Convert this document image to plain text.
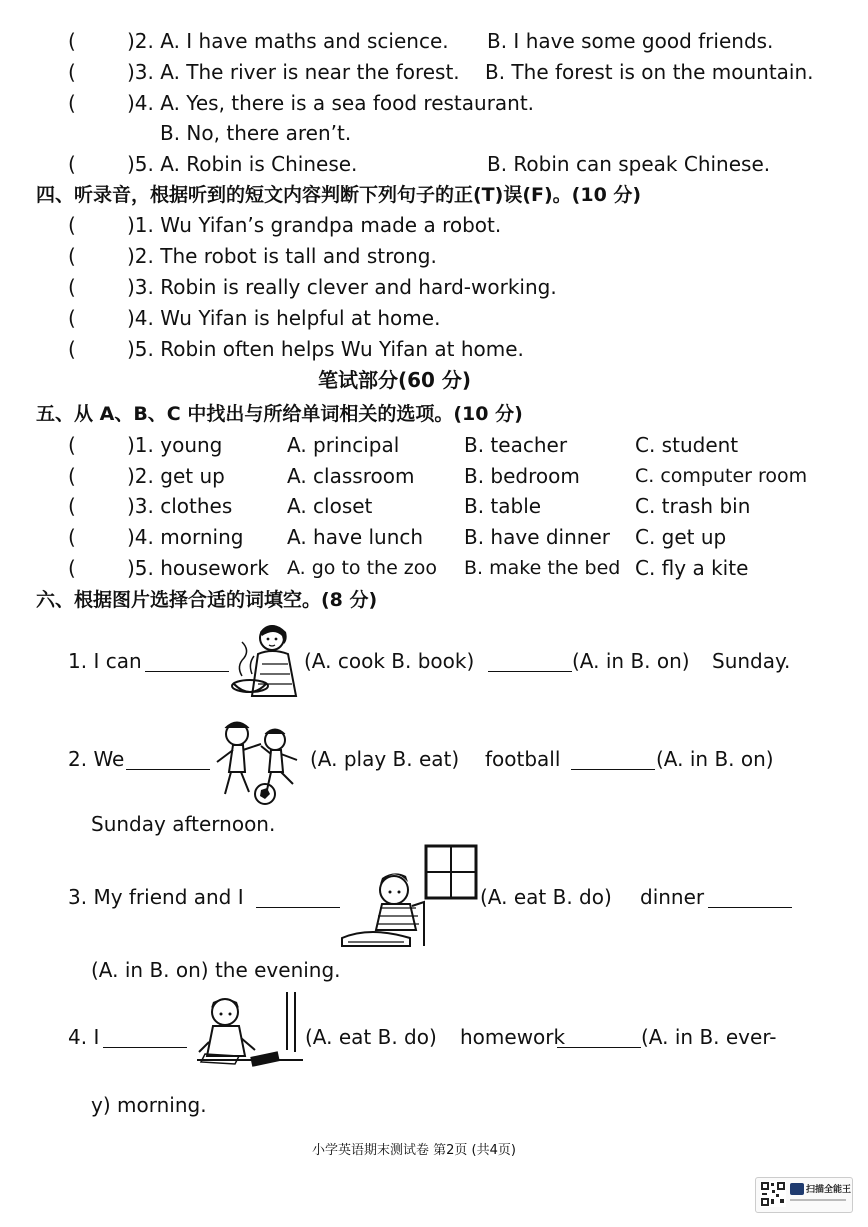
(	)2. A. I have maths and science. B. I have some good friends.
(	)3. A. The river is near the forest. B. The forest is on the mountain.
(	)4. A. Yes, there is a sea food restaurant.
B. No, there aren’t.
(	)5. A. Robin is Chinese.	B. Robin can speak Chinese.
四、听录音，根据听到的短文内容判断下列句子的正(T)误(F)。(10 分)
(	)1. Wu Yifan’s grandpa made a robot.
(	)2. The robot is tall and strong.
(	)3. Robin is really clever and hard-working.
(	)4. Wu Yifan is helpful at home.
(	)5. Robin often helps Wu Yifan at home.
笔试部分(60 分)
五、从 A、B、C 中找出与所给单词相关的选项。(10 分)
(	)1. young	A. principal	B. teacher	C. student
(	)2. get up	A. classroom B. bedroom	C. computer room
(	)3. clothes	A. closet	B. table	C. trash bin
(	)4. morning A. have lunch B. have dinner C. get up
(	)5. housework A. go to the zoo B. make the bed C. fly a kite
六、根据图片选择合适的词填空。(8 分)
1. I can	(A. cook B. book)	(A. in B. on) Sunday.
2. We	(A. play B. eat) football	(A. in B. on)
Sunday afternoon.
3. My friend and I	(A. eat B. do) dinner
(A. in B. on) the evening.
4. I	(A. eat B. do) homework	(A. in B. ever-
y) morning.
小学英语期末测试卷 第2页 (共4页)
扫描全能王
